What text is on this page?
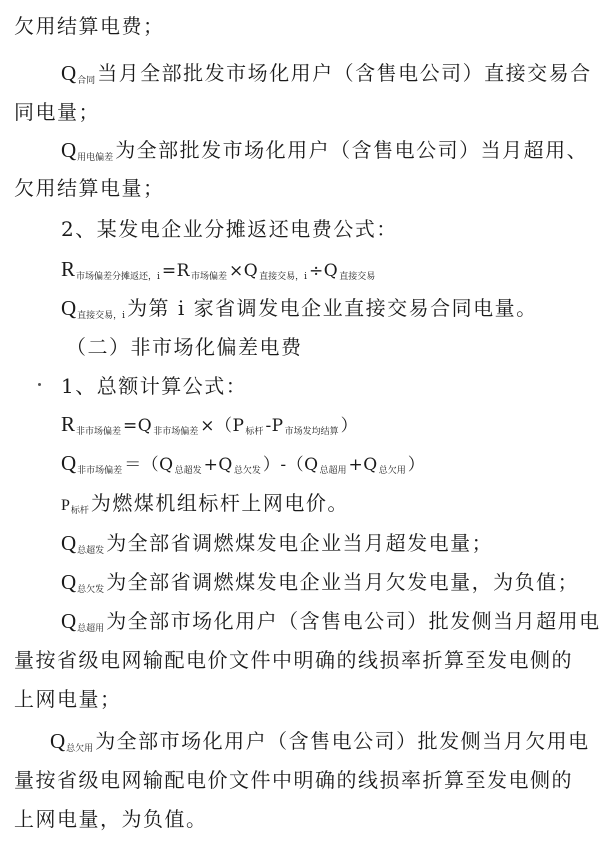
欠用结算电费；
$Q_{合同}$ 当月全部批发市场化用户（含售电公司）直接交易合
同电量；
$Q_{用电偏差}$ 为全部批发市场化用户（含售电公司）当月超用、
欠用结算电量；
2、某发电企业分摊返还电费公式：
$R_{市场偏差分摊返还,i} =R_{市场偏差} \times Q_{直接交易,i} \div Q_{直接交易}$
$Q_{直接交易,i}$ 为第 i 家省调发电企业直接交易合同电量。
（二）非市场化偏差电费
1、总额计算公式：
$R_{非市场偏差} =Q_{非市场偏差} \times(P_{标杆}$ $-P_{市场发均结算}$ ）
$Q_{非市场偏差} =(Q_{总超发} +Q_{总欠发}$ ）$-(Q_{总超用} +Q_{总欠用}$ ）
$P_{标杆}$ 为燃煤机组标杆上网电价。
$Q_{总超发}$ 为全部省调燃煤发电企业当月超发电量；
$Q_{总欠发}$ 为全部省调燃煤发电企业当月欠发电量，为负值；
$Q_{总超用}$ 为全部市场化用户（含售电公司）批发侧当月超用电
量按省级电网输配电价文件中明确的线损率折算至发电侧的
上网电量；
$Q_{总欠用}$ 为全部市场化用户（含售电公司）批发侧当月欠用电
量按省级电网输配电价文件中明确的线损率折算至发电侧的
上网电量，为负值。
